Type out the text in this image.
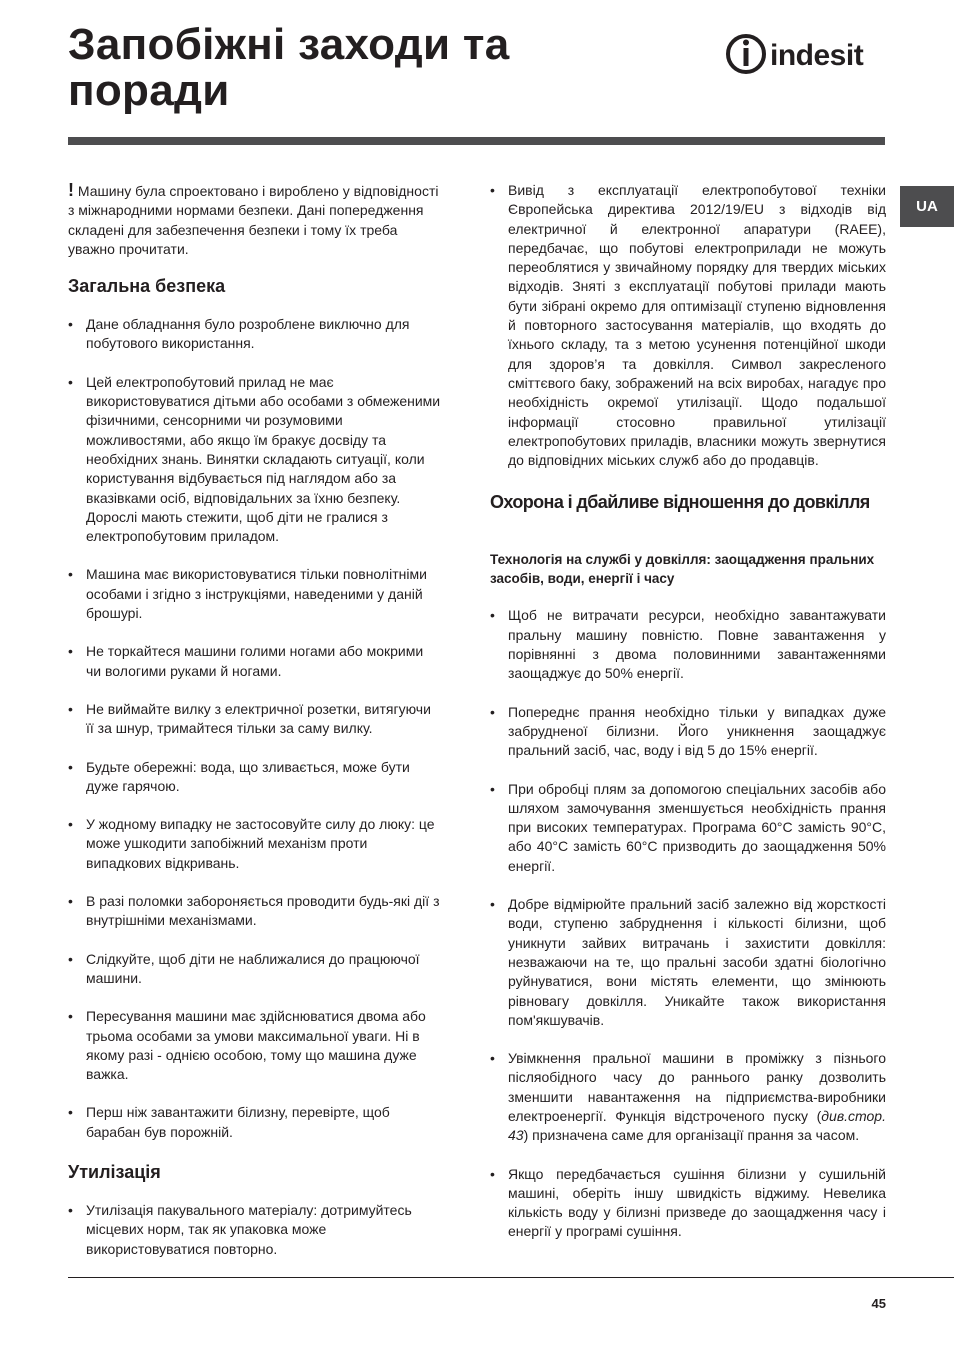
Запобіжні заходи та
поради
indesit
UA

! Машину була спроектовано і вироблено у відповідності з міжнародними нормами безпеки. Дані попередження складені для забезпечення безпеки і тому їх треба уважно прочитати.

Загальна безпека
• Дане обладнання було розроблене виключно для побутового використання.
• Цей електропобутовий прилад не має використовуватися дітьми або особами з обмеженими фізичними, сенсорними чи розумовими можливостями, або якщо їм бракує досвіду та необхідних знань. Винятки складають ситуації, коли користування відбувається під наглядом або за вказівками осіб, відповідальних за їхню безпеку.
Дорослі мають стежити, щоб діти не гралися з електропобутовим приладом.
• Машина має використовуватися тільки повнолітніми особами і згідно з інструкціями, наведеними у даній брошурі.
• Не торкайтеся машини голими ногами або мокрими чи вологими руками й ногами.
• Не виймайте вилку з електричної розетки, витягуючи її за шнур, тримайтеся тільки за саму вилку.
• Будьте обережні: вода, що зливається, може бути дуже гарячою.
• У жодному випадку не застосовуйте силу до люку: це може ушкодити запобіжний механізм проти випадкових відкривань.
• В разі поломки забороняється проводити будь-які дії з внутрішніми механізмами.
• Слідкуйте, щоб діти не наближалися до працюючої машини.
• Пересування машини має здійснюватися двома або трьома особами за умови максимальної уваги. Ні в якому разі - однією особою, тому що машина дуже важка.
• Перш ніж завантажити білизну, перевірте, щоб барабан був порожній.
Утилізація
• Утилізація пакувального матеріалу: дотримуйтесь місцевих норм, так як упаковка може використовуватися повторно.
• Вивід з експлуатації електропобутової техніки Європейська директива 2012/19/EU з відходів від електричної й електронної апаратури (RAEE), передбачає, що побутові електроприлади не можуть переоблятися у звичайному порядку для твердих міських відходів. Зняті з експлуатації побутові прилади мають бути зібрані окремо для оптимізації ступеню відновлення й повторного застосування матеріалів, що входять до їхнього складу, та з метою усунення потенційної шкоди для здоров’я та довкілля. Символ закресленого сміттєвого баку, зображений на всіх виробах, нагадує про необхідність окремої утилізації. Щодо подальшої інформації стосовно правильної утилізації електропобутових приладів, власники можуть звернутися до відповідних міських служб або до продавців.
Охорона і дбайливе відношення до довкілля
Технологія на службі у довкілля: заощадження пральних засобів, води, енергії і часу
• Щоб не витрачати ресурси, необхідно завантажувати пральну машину повністю. Повне завантаження у порівнянні з двома половинними завантаженнями заощаджує до 50% енергії.
• Попереднє прання необхідно тільки у випадках дуже забрудненої білизни. Його уникнення заощаджує пральний засіб, час, воду і від 5 до 15% енергії.
• При обробці плям за допомогою спеціальних засобів або шляхом замочування зменшується необхідність прання при високих температурах. Програма 60°C замість 90°C, або 40°C замість 60°C призводить до заощадження 50% енергії.
• Добре відмірюйте пральний засіб залежно від жорсткості води, ступеню забруднення і кількості білизни, щоб уникнути зайвих витрачань і захистити довкілля: незважаючи на те, що пральні засоби здатні біологічно руйнуватися, вони містять елементи, що змінюють рівновагу довкілля. Уникайте також використання пом'якшувачів.
• Увімкнення пральної машини в проміжку з пізнього післяобідного часу до раннього ранку дозволить зменшити навантаження на підприємства-виробники електроенергії. Функція відстроченого пуску (див.стор. 43) призначена саме для організації прання за часом.
• Якщо передбачається сушіння білизни у сушильній машині, оберіть іншу швидкість віджиму. Невелика кількість воду у білизні призведе до заощадження часу і енергії у програмі сушіння.
45
